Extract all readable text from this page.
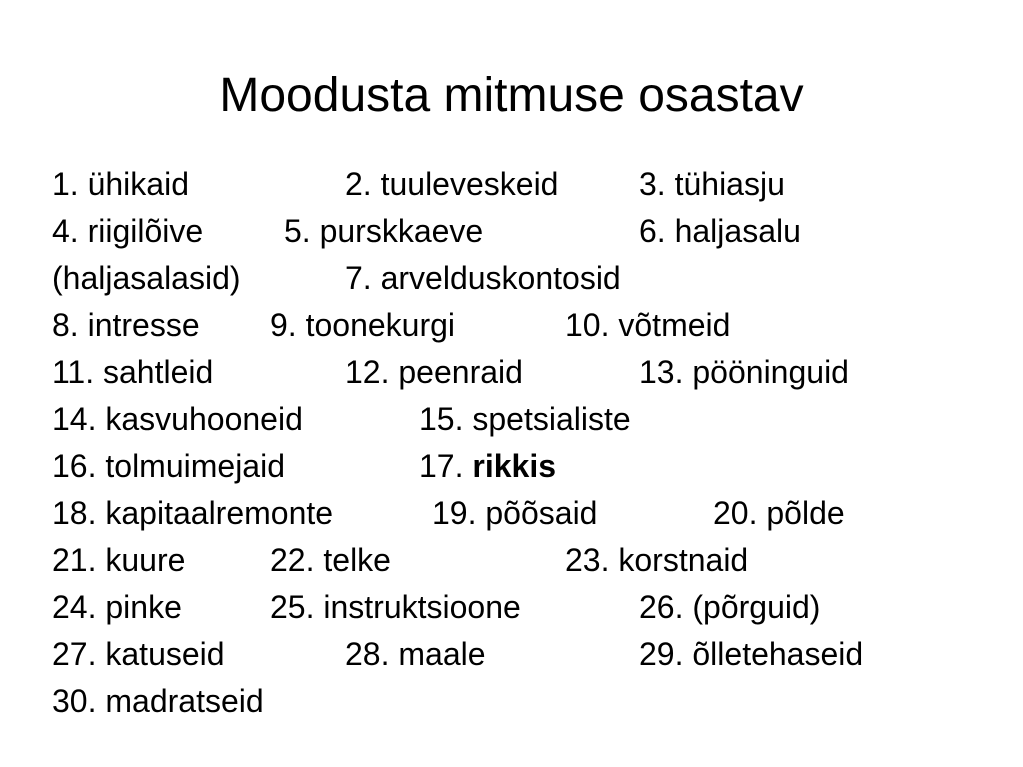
Moodusta mitmuse osastav
1. ühikaid	2. tuuleveskeid	3. tühiasju
4. riigilõive	5. purskkaeve	6. haljasalu
(haljasalasid)	7. arvelduskontosid
8. intresse 9. toonekurgi	10. võtmeid
11. sahtleid	12. peenraid	13. pööninguid
14. kasvuhooneid	15. spetsialiste
16. tolmuimejaid	17. rikkis
18. kapitaalremonte	19. põõsaid	20. põlde
21. kuure	22. telke	23. korstnaid
24. pinke	25. instruktsioone	26. (põrguid)
27. katuseid	28. maale	29. õlletehaseid
30. madratseid
